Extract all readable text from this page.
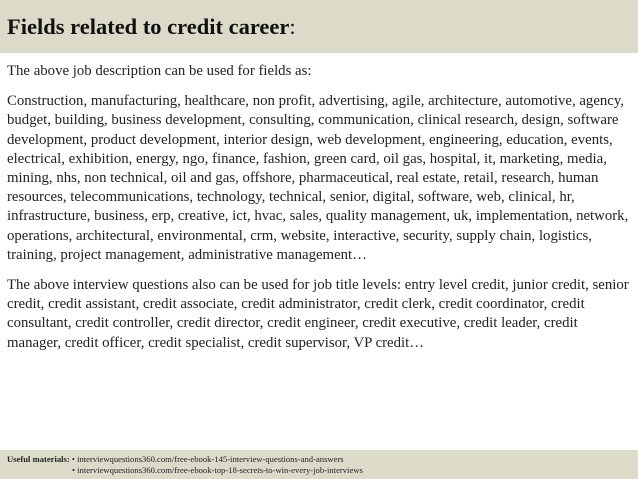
Fields related to credit career:

The above job description can be used for fields as:

Construction, manufacturing, healthcare, non profit, advertising, agile, architecture, automotive, agency, budget, building, business development, consulting, communication, clinical research, design, software development, product development, interior design, web development, engineering, education, events, electrical, exhibition, energy, ngo, finance, fashion, green card, oil gas, hospital, it, marketing, media, mining, nhs, non technical, oil and gas, offshore, pharmaceutical, real estate, retail, research, human resources, telecommunications, technology, technical, senior, digital, software, web, clinical, hr, infrastructure, business, erp, creative, ict, hvac, sales, quality management, uk, implementation, network, operations, architectural, environmental, crm, website, interactive, security, supply chain, logistics, training, project management, administrative management…

The above interview questions also can be used for job title levels: entry level credit, junior credit, senior credit, credit assistant, credit associate, credit administrator, credit clerk, credit coordinator, credit consultant, credit controller, credit director, credit engineer, credit executive, credit leader, credit manager, credit officer, credit specialist, credit supervisor, VP credit…

Useful materials: • interviewquestions360.com/free-ebook-145-interview-questions-and-answers
• interviewquestions360.com/free-ebook-top-18-secrets-to-win-every-job-interviews
